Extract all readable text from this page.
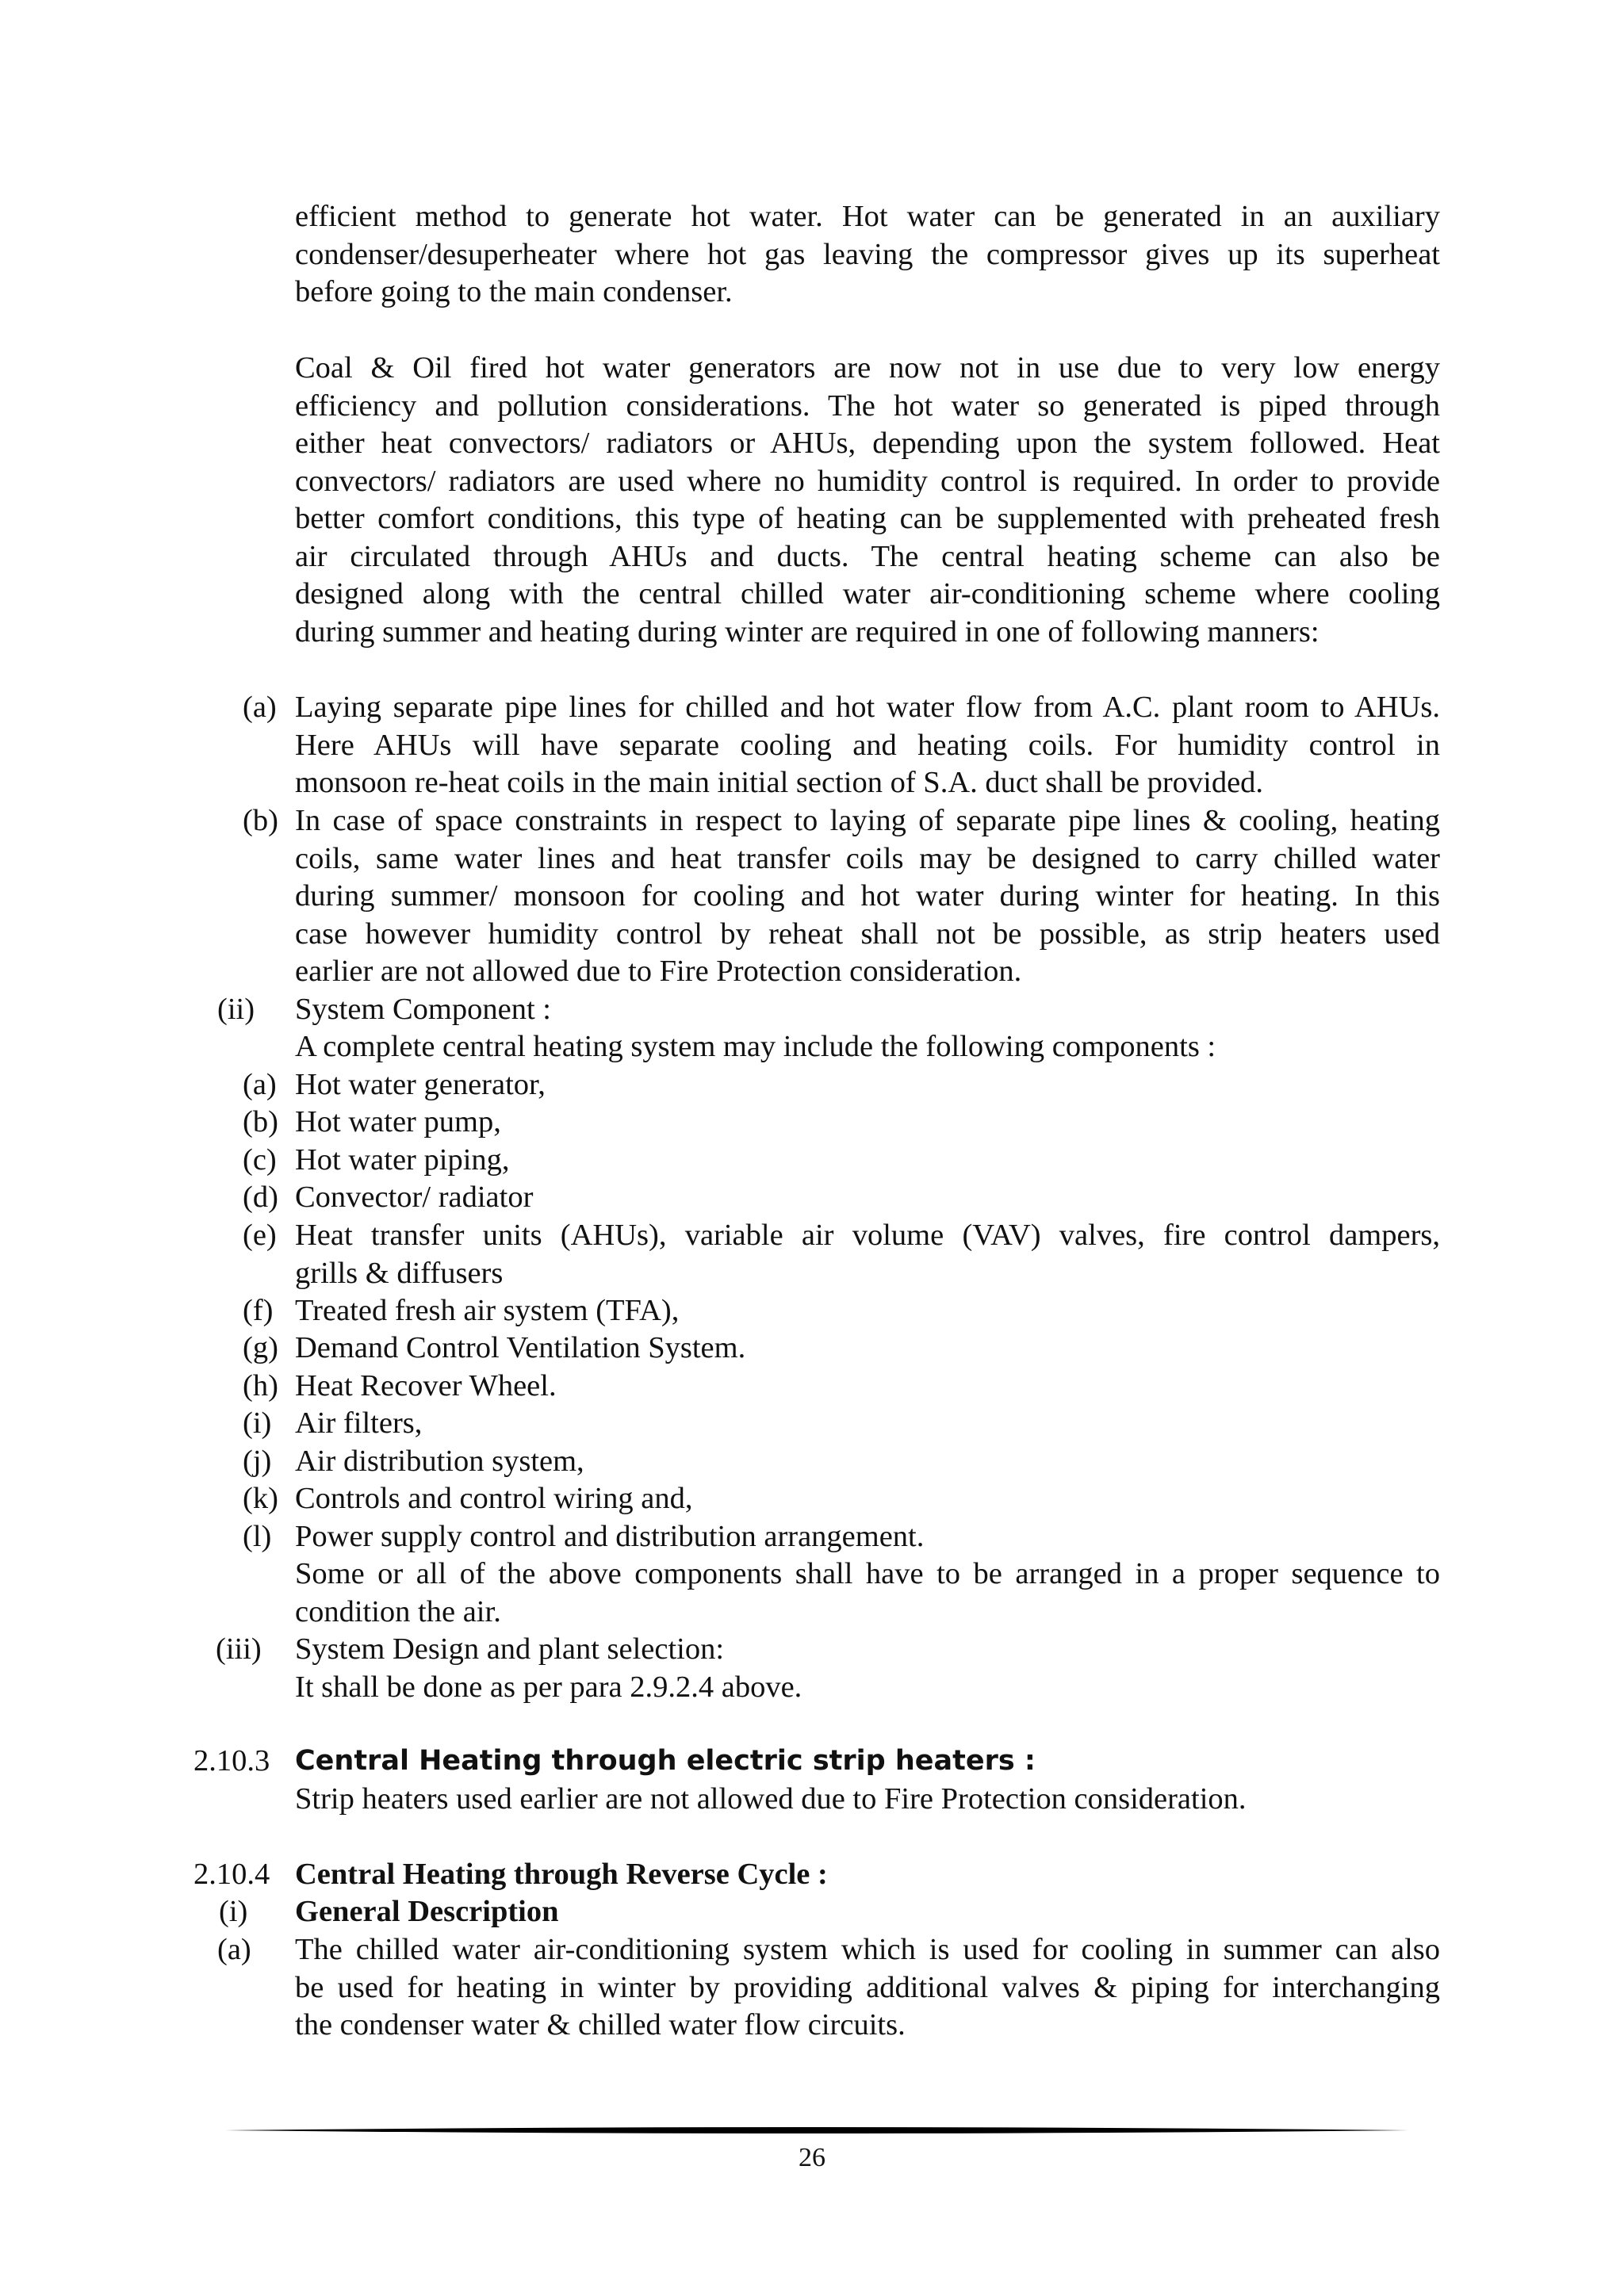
efficient method to generate hot water. Hot water can be generated in an auxiliary
condenser/desuperheater where hot gas leaving the compressor gives up its superheat
before going to the main condenser.
Coal & Oil fired hot water generators are now not in use due to very low energy
efficiency and pollution considerations. The hot water so generated is piped through
either heat convectors/ radiators or AHUs, depending upon the system followed. Heat
convectors/ radiators are used where no humidity control is required. In order to provide
better comfort conditions, this type of heating can be supplemented with preheated fresh
air circulated through AHUs and ducts. The central heating scheme can also be
designed along with the central chilled water air-conditioning scheme where cooling
during summer and heating during winter are required in one of following manners:
(a) Laying separate pipe lines for chilled and hot water flow from A.C. plant room to AHUs.
Here AHUs will have separate cooling and heating coils. For humidity control in
monsoon re-heat coils in the main initial section of S.A. duct shall be provided.
(b) In case of space constraints in respect to laying of separate pipe lines & cooling, heating
coils, same water lines and heat transfer coils may be designed to carry chilled water
during summer/ monsoon for cooling and hot water during winter for heating. In this
case however humidity control by reheat shall not be possible, as strip heaters used
earlier are not allowed due to Fire Protection consideration.
(ii) System Component :
A complete central heating system may include the following components :
(a) Hot water generator,
(b) Hot water pump,
(c) Hot water piping,
(d) Convector/ radiator
(e) Heat transfer units (AHUs), variable air volume (VAV) valves, fire control dampers,
grills & diffusers
(f) Treated fresh air system (TFA),
(g) Demand Control Ventilation System.
(h) Heat Recover Wheel.
(i) Air filters,
(j) Air distribution system,
(k) Controls and control wiring and,
(l) Power supply control and distribution arrangement.
Some or all of the above components shall have to be arranged in a proper sequence to
condition the air.
(iii) System Design and plant selection:
It shall be done as per para 2.9.2.4 above.
2.10.3 Central Heating through electric strip heaters :
Strip heaters used earlier are not allowed due to Fire Protection consideration.
2.10.4 Central Heating through Reverse Cycle :
(i) General Description
(a) The chilled water air-conditioning system which is used for cooling in summer can also
be used for heating in winter by providing additional valves & piping for interchanging
the condenser water & chilled water flow circuits.
26
